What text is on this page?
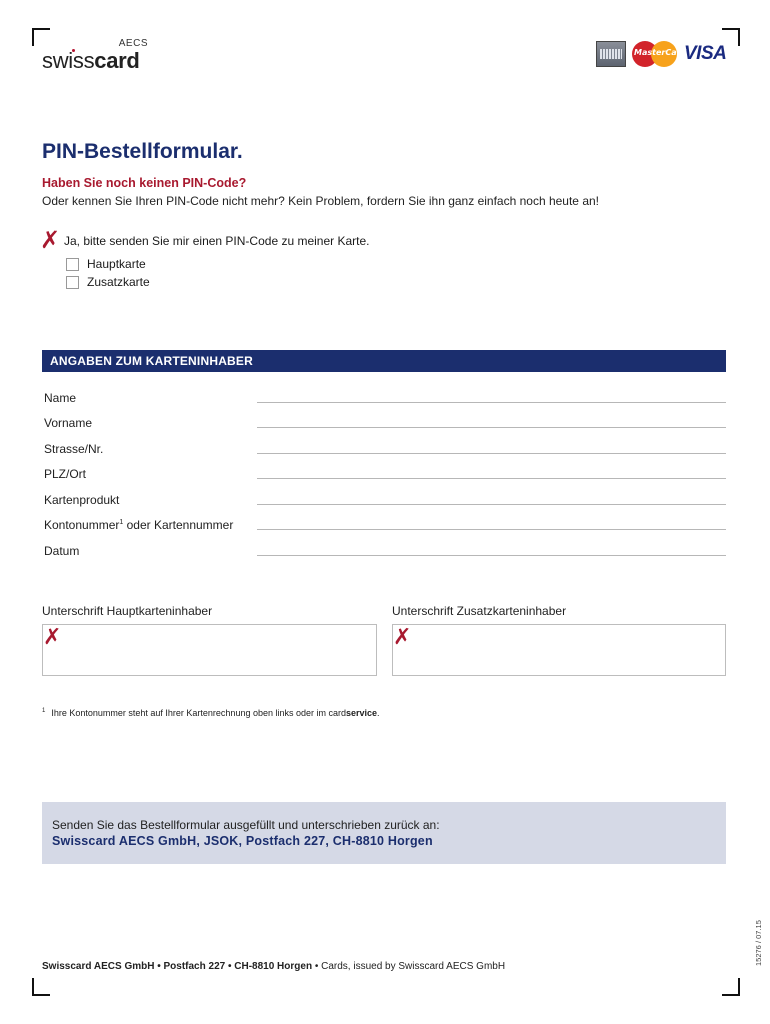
AECS
swisscard	MasterCard
VISA
PIN-Bestellformular.
Haben Sie noch keinen PIN-Code?
Oder kennen Sie Ihren PIN-Code nicht mehr? Kein Problem, fordern Sie ihn ganz einfach noch heute an!
✗ Ja, bitte senden Sie mir einen PIN-Code zu meiner Karte.
Hauptkarte
Zusatzkarte
ANGABEN ZUM KARTENINHABER
Name
Vorname
Strasse/Nr.
PLZ/Ort
Kartenprodukt
Kontonummer$^1$ oder Kartennummer
Datum
Unterschrift Hauptkarteninhaber	Unterschrift Zusatzkarteninhaber
✗	✗
$^1$ Ihre Kontonummer steht auf Ihrer Kartenrechnung oben links oder im cardservice.
Senden Sie das Bestellformular ausgefüllt und unterschrieben zurück an:
Swisscard AECS GmbH, JSOK, Postfach 227, CH-8810 Horgen
Swisscard AECS GmbH • Postfach 227 • CH-8810 Horgen • Cards, issued by Swisscard AECS GmbH
15276 / 07.15
